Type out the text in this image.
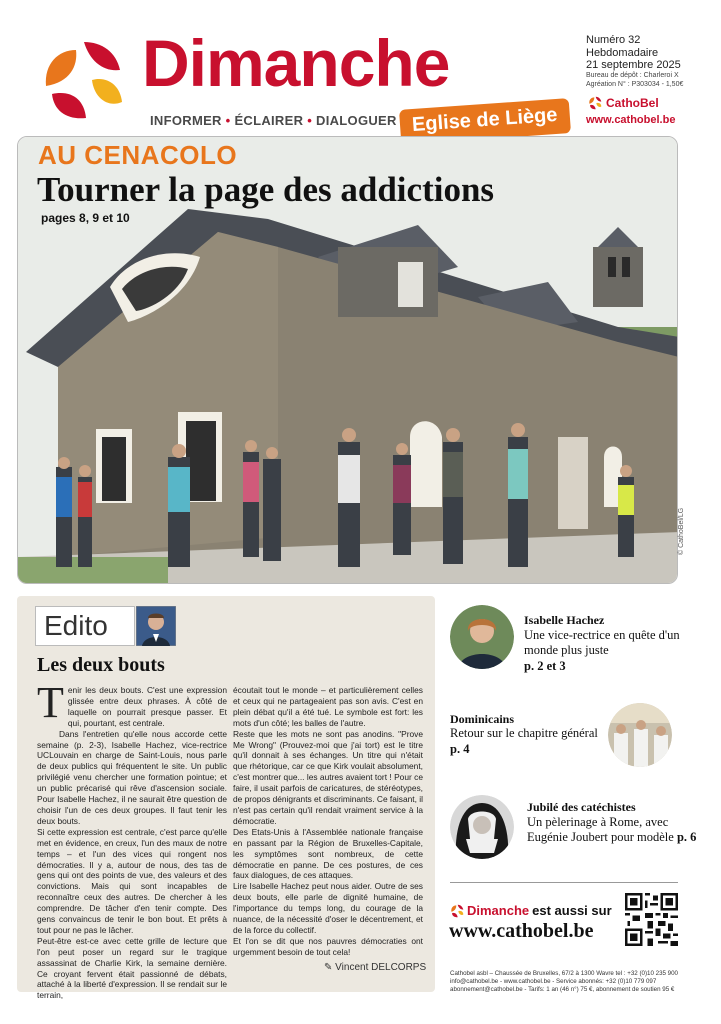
Dimanche
INFORMER • ÉCLAIRER • DIALOGUER Eglise de Liège
Numéro 32
Hebdomadaire
21 septembre 2025
Bureau de dépôt : Charleroi X
Agréation N° : P303034 - 1,50€
CathoBel
www.cathobel.be
AU CENACOLO
Tourner la page des addictions
pages 8, 9 et 10
© CathoBel/LG
Edito
Les deux bouts
T enir les deux bouts. C'est une expression glissée entre deux phrases. À côté de laquelle on pourrait presque passer. Et qui, pourtant, est centrale.

Dans l'entretien qu'elle nous accorde cette semaine (p. 2-3), Isabelle Hachez, vice-rectrice UCLouvain en charge de Saint-Louis, nous parle de deux publics qui fréquentent le site. Un public privilégié venu chercher une formation pointue; et un public précarisé qui rêve d'ascension sociale. Pour Isabelle Hachez, il ne saurait être question de choisir l'un de ces deux groupes. Il faut tenir les deux bouts.

Si cette expression est centrale, c'est parce qu'elle met en évidence, en creux, l'un des maux de notre temps – et l'un des vices qui rongent nos démocraties. Il y a, autour de nous, des tas de gens qui ont des points de vue, des valeurs et des convictions. Mais qui sont incapables de reconnaître ceux des autres. De chercher à les comprendre. De tâcher d'en tenir compte. Des gens convaincus de tenir le bon bout. Et prêts à tout pour ne pas le lâcher.

Peut-être est-ce avec cette grille de lecture que l'on peut poser un regard sur le tragique assassinat de Charlie Kirk, la semaine dernière. Ce croyant fervent était passionné de débats, attaché à la liberté d'expression. Il se rendait sur le terrain,

écoutait tout le monde – et particulièrement celles et ceux qui ne partageaient pas son avis. C'est en plein débat qu'il a été tué. Le symbole est fort: les mots d'un côté; les balles de l'autre.

Reste que les mots ne sont pas anodins. "Prove Me Wrong" (Prouvez-moi que j'ai tort) est le titre qu'il donnait à ses échanges. Un titre qui n'était que rhétorique, car ce que Kirk voulait absolument, c'est montrer que... les autres avaient tort ! Pour ce faire, il usait parfois de caricatures, de stéréotypes, de propos dénigrants et discriminants. Ce faisant, il n'est pas certain qu'il rendait vraiment service à la démocratie.

Des Etats-Unis à l'Assemblée nationale française en passant par la Région de Bruxelles-Capitale, les symptômes sont nombreux, de cette démocratie en panne. De ces postures, de ces faux dialogues, de ces attaques.

Lire Isabelle Hachez peut nous aider. Outre de ses deux bouts, elle parle de dignité humaine, de l'importance du temps long, du courage de la nuance, de la nécessité d'oser le décentrement, et de la force du collectif.

Et l'on se dit que nos pauvres démocraties ont urgemment besoin de tout cela!

✎ Vincent DELCORPS
Isabelle Hachez
Une vice-rectrice en quête d'un monde plus juste
p. 2 et 3
Dominicains
Retour sur le chapitre général
p. 4
Jubilé des catéchistes
Un pèlerinage à Rome, avec Eugénie Joubert pour modèle p. 6
Dimanche est aussi sur
www.cathobel.be
Cathobel asbl – Chaussée de Bruxelles, 67/2 à 1300 Wavre tel : +32 (0)10 235 900
info@cathobel.be - www.cathobel.be - Service abonnés: +32 (0)10 779 097
abonnement@cathobel.be - Tarifs: 1 an (46 n°) 75 €, abonnement de soutien 95 €
